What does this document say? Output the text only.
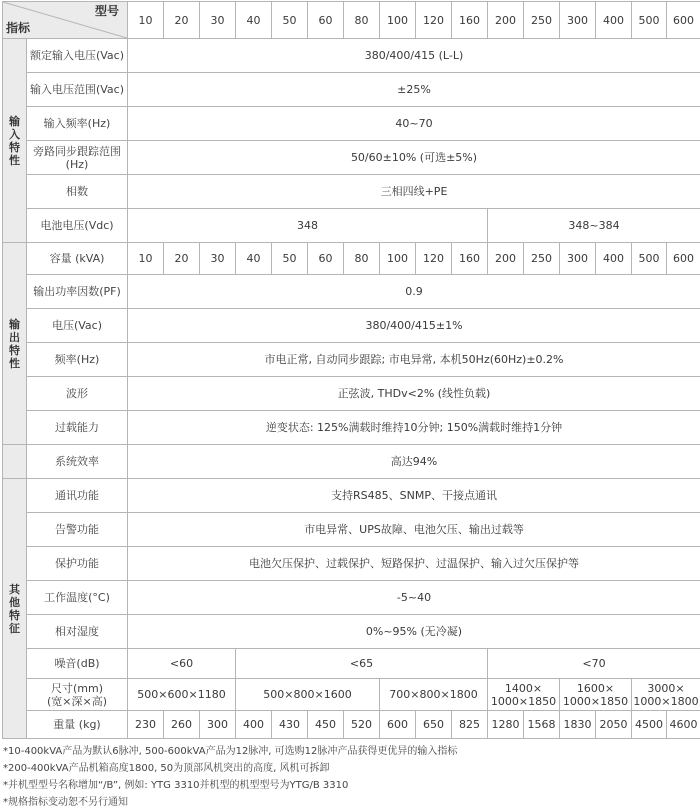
型号
指标		10	20	30	40	50	60	80	100	120	160	200	250	300	400	500	600

输入特性	额定输入电压(Vac)	380/400/415 (L-L)															
	输入电压范围(Vac)	±25%															
	输入频率(Hz)	40~70															
	旁路同步跟踪范围(Hz)	50/60±10% (可选±5%)															
	相数	三相四线+PE															
	电池电压(Vdc)	348										348~384					

输出特性	容量 (kVA)	10	20	30	40	50	60	80	100	120	160	200	250	300	400	500	600
	输出功率因数(PF)	0.9															
	电压(Vac)	380/400/415±1%															
	频率(Hz)	市电正常, 自动同步跟踪; 市电异常, 本机50Hz(60Hz)±0.2%															
	波形	正弦波, THDv<2% (线性负载)															
	过载能力	逆变状态: 125%满载时维持10分钟; 150%满载时维持1分钟															
	系统效率	高达94%															

其他特征	通讯功能	支持RS485、SNMP、干接点通讯															
	告警功能	市电异常、UPS故障、电池欠压、输出过载等															
	保护功能	电池欠压保护、过载保护、短路保护、过温保护、输入过欠压保护等															
	工作温度(°C)	-5~40															
	相对湿度	0%~95% (无冷凝)															
	噪音(dB)	<60			<65							<70					
	尺寸(mm)
(宽×深×高)	500×600×1180			500×800×1600				700×800×1800			1400×
1000×1850		1600×
1000×1850		3000×
1000×1800	
	重量 (kg)	230	260	300	400	430	450	520	600	650	825	1280	1568	1830	2050	4500	4600
*10-400kVA产品为默认6脉冲, 500-600kVA产品为12脉冲, 可选购12脉冲产品获得更优异的输入指标
*200-400kVA产品机箱高度1800, 50为顶部风机突出的高度, 风机可拆卸
*并机型型号名称增加“/B”, 例如: YTG 3310并机型的机型型号为YTG/B 3310
*规格指标变动恕不另行通知
